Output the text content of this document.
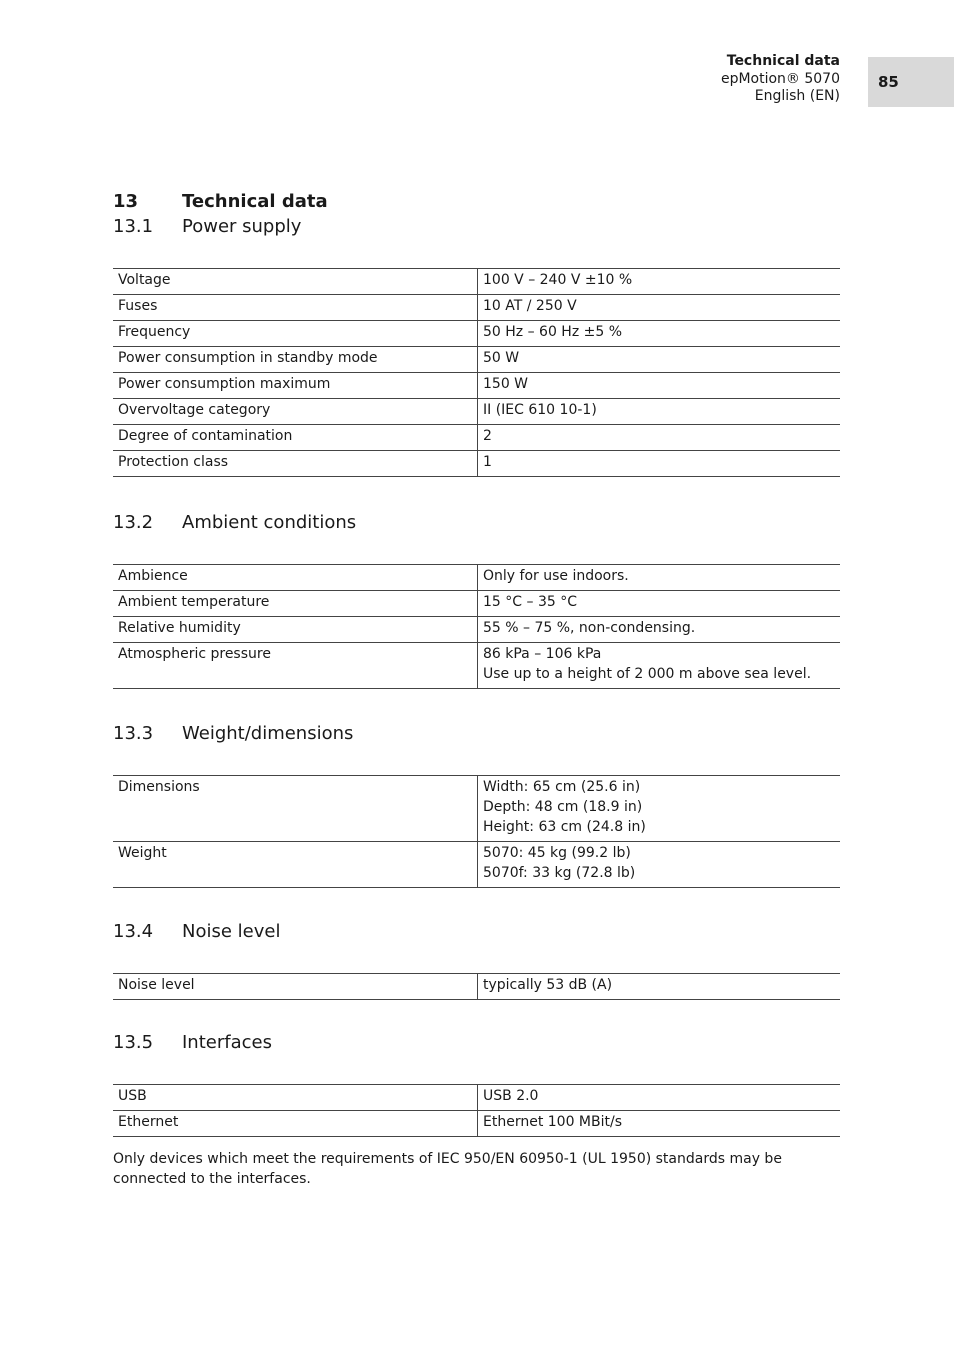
Technical data
epMotion® 5070
English (EN)
85
13	Technical data
13.1	Power supply
Voltage	100 V – 240 V ±10 %
Fuses	10 AT / 250 V
Frequency	50 Hz – 60 Hz ±5 %
Power consumption in standby mode	50 W
Power consumption maximum	150 W
Overvoltage category	II (IEC 610 10-1)
Degree of contamination	2
Protection class	1
13.2	Ambient conditions
Ambience	Only for use indoors.
Ambient temperature	15 °C – 35 °C
Relative humidity	55 % – 75 %, non-condensing.
Atmospheric pressure	86 kPa – 106 kPa
Use up to a height of 2 000 m above sea level.
13.3	Weight/dimensions
Dimensions	Width: 65 cm (25.6 in)
Depth: 48 cm (18.9 in)
Height: 63 cm (24.8 in)

Weight	5070: 45 kg (99.2 lb)
5070f: 33 kg (72.8 lb)
13.4	Noise level
Noise level	typically 53 dB (A)
13.5	Interfaces
USB	USB 2.0
Ethernet	Ethernet 100 MBit/s
Only devices which meet the requirements of IEC 950/EN 60950-1 (UL 1950) standards may be connected to the interfaces.
